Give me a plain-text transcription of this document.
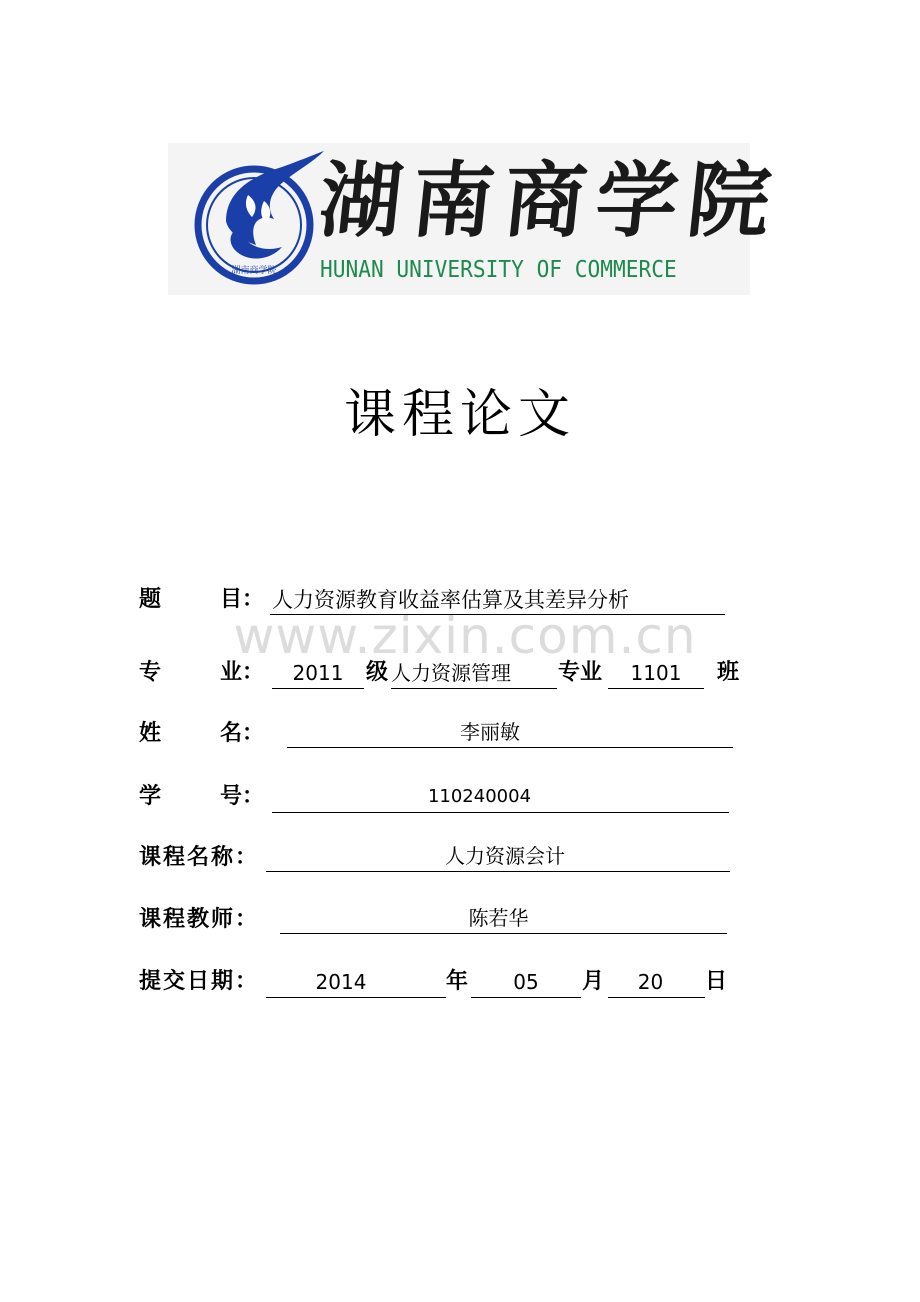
湖南商学院
湖南商学院
HUNAN UNIVERSITY OF COMMERCE
课程论文
www.zixin.com.cn
题	目： 人力资源教育收益率估算及其差异分析
专	业：	2011	级 人力资源管理	专业	1101	班
姓	名：	李丽敏
学	号：	110240004
课程名称：	人力资源会计
课程教师：	陈若华
提交日期：	2014	年	05	月	20	日
